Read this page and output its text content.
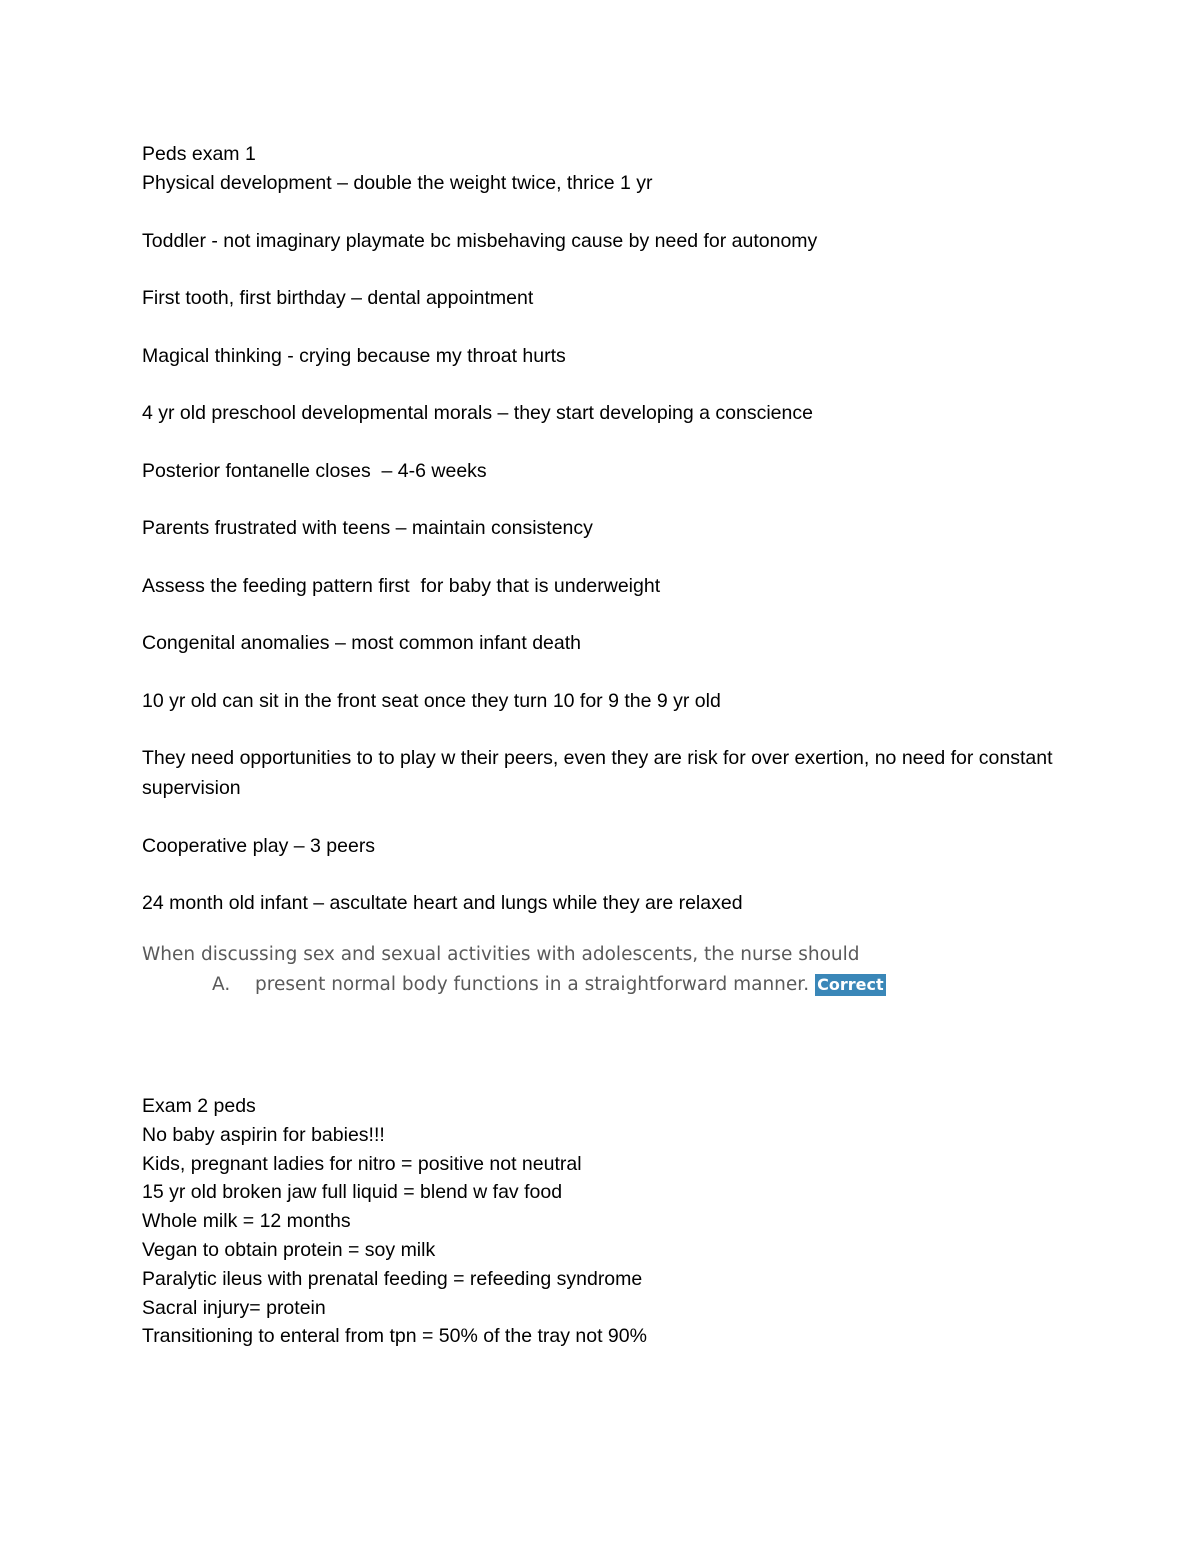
Peds exam 1

Physical development – double the weight twice, thrice 1 yr

Toddler - not imaginary playmate bc misbehaving cause by need for autonomy

First tooth, first birthday – dental appointment

Magical thinking - crying because my throat hurts

4 yr old preschool developmental morals – they start developing a conscience

Posterior fontanelle closes  – 4-6 weeks

Parents frustrated with teens – maintain consistency

Assess the feeding pattern first  for baby that is underweight

Congenital anomalies – most common infant death

10 yr old can sit in the front seat once they turn 10 for 9 the 9 yr old

They need opportunities to to play w their peers, even they are risk for over exertion, no need for constant supervision

Cooperative play – 3 peers

24 month old infant – ascultate heart and lungs while they are relaxed

When discussing sex and sexual activities with adolescents, the nurse should

A.	present normal body functions in a straightforward manner. Correct

Exam 2 peds

No baby aspirin for babies!!!

Kids, pregnant ladies for nitro = positive not neutral

15 yr old broken jaw full liquid = blend w fav food

Whole milk = 12 months

Vegan to obtain protein = soy milk

Paralytic ileus with prenatal feeding = refeeding syndrome

Sacral injury= protein

Transitioning to enteral from tpn = 50% of the tray not 90%
